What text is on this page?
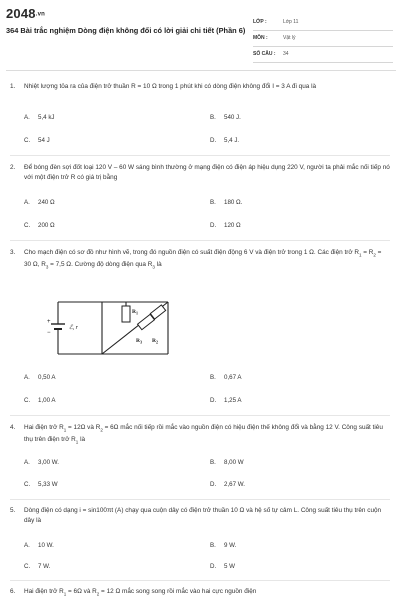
2048.vn
364 Bài trắc nghiệm Dòng điện không đổi có lời giải chi tiết (Phần 6)
LỚP :	Lớp 11
MÔN :	Vật lý
SỐ CÂU : 34
1. Nhiệt lượng tỏa ra của điện trở thuần R = 10 Ω trong 1 phút khi có dòng điện không đổi I = 3 A đi qua là
A. 5,4 kJ	B. 540 J.
C. 54 J	D. 5,4 J.
2. Để bóng đèn sợi đốt loại 120 V – 60 W sáng bình thường ở mạng điện có điện áp hiệu dụng 220 V, người ta phải mắc nối tiếp nó với một điện trở R có giá trị bằng
A. 240 Ω	B. 180 Ω.
C. 200 Ω	D. 120 Ω
3. Cho mạch điện có sơ đồ như hình vẽ, trong đó nguồn điện có suất điện động 6 V và điện trở trong 1 Ω. Các điện trở $R_1 = R_2 = 30$ Ω, $R_3 = 7,5$ Ω. Cường độ dòng điện qua $R_3$ là
+
−
ℰ, r
$R_1$
$R_3$ $R_2$
A. 0,50 A	B. 0,67 A
C. 1,00 A	D. 1,25 A
4. Hai điện trở $R_1 = 12\Omega$ và $R_2 = 6\Omega$ mắc nối tiếp rồi mắc vào nguồn điện có hiệu điện thế không đổi và bằng 12 V. Công suất tiêu thụ trên điện trở $R_1$ là
A. 3,00 W.	B. 8,00 W
C. 5,33 W	D. 2,67 W.
5. Dòng điện có dạng i = sin100πt (A) chạy qua cuộn dây có điện trở thuần 10 Ω và hệ số tự cảm L. Công suất tiêu thụ trên cuộn dây là
A. 10 W.	B. 9 W.
C. 7 W.	D. 5 W
6. Hai điện trở $R_1 = 6\Omega$ và $R_2 = 12$ Ω mắc song song rồi mắc vào hai cực nguồn điện
